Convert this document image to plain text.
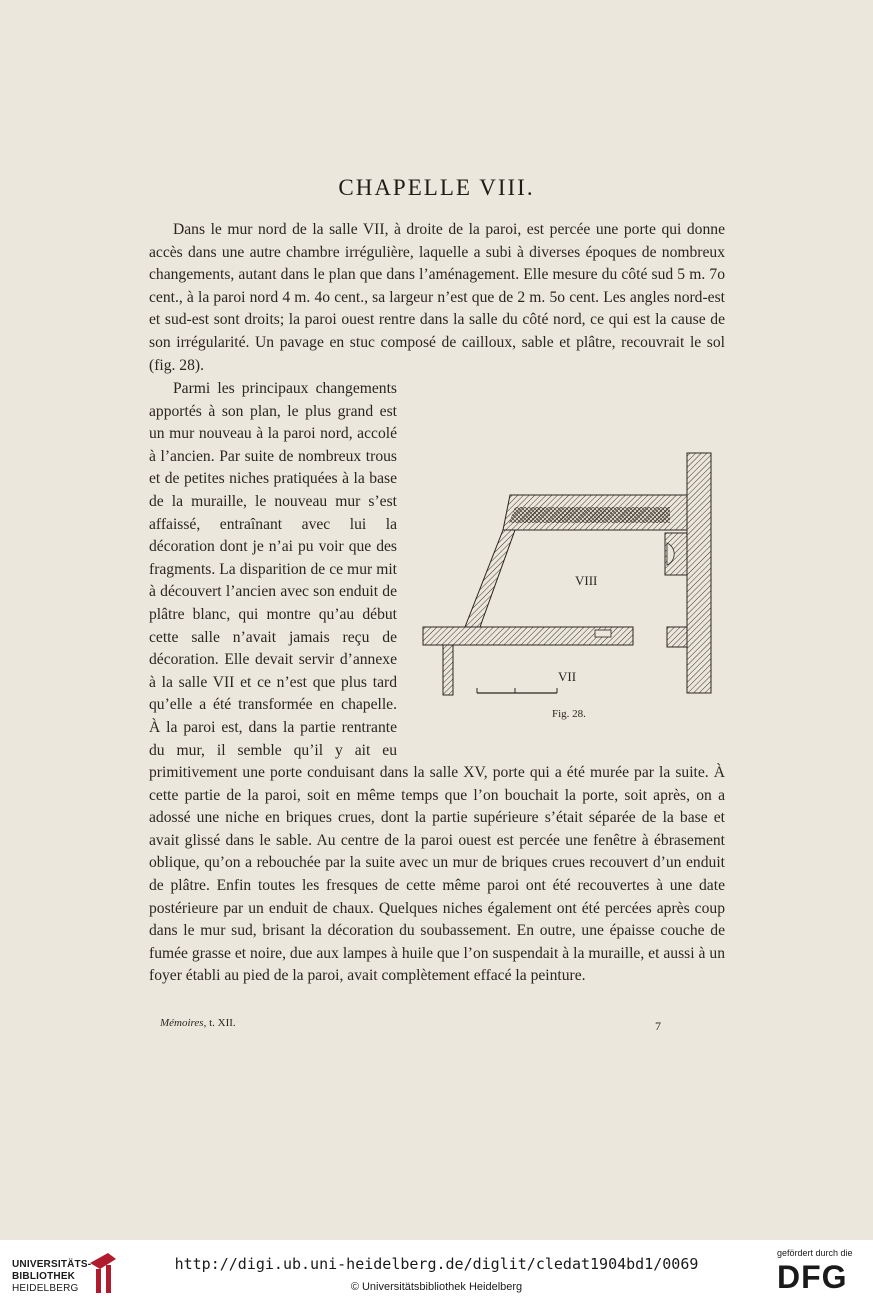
CHAPELLE VIII.

Dans le mur nord de la salle VII, à droite de la paroi, est percée une porte qui donne accès dans une autre chambre irrégulière, laquelle a subi à diverses époques de nombreux changements, autant dans le plan que dans l’aménagement. Elle mesure du côté sud 5 m. 7o cent., à la paroi nord 4 m. 4o cent., sa largeur n’est que de 2 m. 5o cent. Les angles nord-est et sud-est sont droits; la paroi ouest rentre dans la salle du côté nord, ce qui est la cause de son irrégularité. Un pavage en stuc composé de cailloux, sable et plâtre, recouvrait le sol (fig. 28).

Parmi les principaux changements apportés à son plan, le plus grand est un mur nouveau à la paroi nord, accolé à l’ancien. Par suite de nombreux trous et de petites niches pratiquées à la base de la muraille, le nouveau mur s’est affaissé, entraînant avec lui la décoration dont je n’ai pu voir que des fragments. La disparition de ce mur mit à découvert l’ancien avec son enduit de plâtre blanc, qui montre qu’au début cette salle n’avait jamais reçu de décoration. Elle devait servir d’annexe à la salle VII et ce n’est que plus tard qu’elle a été transformée en chapelle. À la paroi est, dans la partie rentrante du mur, il semble qu’il y ait eu primitivement une porte conduisant dans la salle XV, porte qui a été murée par la suite. À cette partie de la paroi, soit en même temps que l’on bouchait la porte, soit après, on a adossé une niche en briques crues, dont la partie supérieure s’était séparée de la base et avait glissé dans le sable. Au centre de la paroi ouest est percée une fenêtre à ébrasement oblique, qu’on a rebouchée par la suite avec un mur de briques crues recouvert d’un enduit de plâtre. Enfin toutes les fresques de cette même paroi ont été recouvertes à une date postérieure par un enduit de chaux. Quelques niches également ont été percées après coup dans le mur sud, brisant la décoration du soubassement. En outre, une épaisse couche de fumée grasse et noire, due aux lampes à huile que l’on suspendait à la muraille, et aussi à un foyer établi au pied de la paroi, avait complètement effacé la peinture.

VIII
VII
Fig. 28.
Mémoires, t. XII.	7
UNIVERSITÄTS-
BIBLIOTHEK
HEIDELBERG
http://digi.ub.uni-heidelberg.de/diglit/cledat1904bd1/0069
© Universitätsbibliothek Heidelberg
gefördert durch die
DFG
